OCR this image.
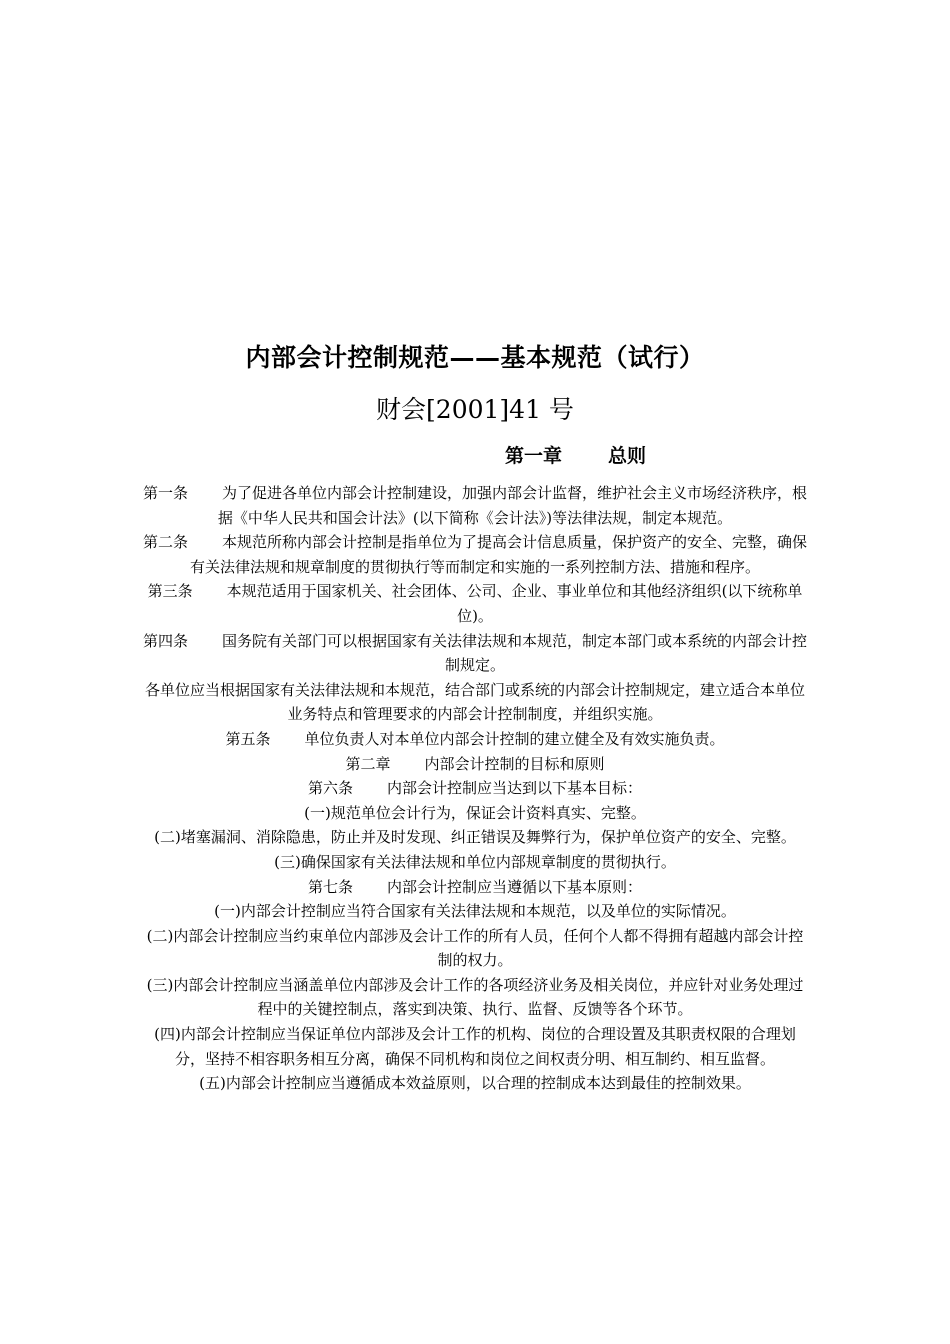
内部会计控制规范——基本规范（试行）
财会[2001]41 号
第一章 总则
第一条 为了促进各单位内部会计控制建设，加强内部会计监督，维护社会主义市场经济秩序，根据《中华人民共和国会计法》(以下简称《会计法》)等法律法规，制定本规范。
第二条 本规范所称内部会计控制是指单位为了提高会计信息质量，保护资产的安全、完整，确保有关法律法规和规章制度的贯彻执行等而制定和实施的一系列控制方法、措施和程序。
第三条 本规范适用于国家机关、社会团体、公司、企业、事业单位和其他经济组织(以下统称单位)。
第四条 国务院有关部门可以根据国家有关法律法规和本规范，制定本部门或本系统的内部会计控制规定。
各单位应当根据国家有关法律法规和本规范，结合部门或系统的内部会计控制规定，建立适合本单位业务特点和管理要求的内部会计控制制度，并组织实施。
第五条 单位负责人对本单位内部会计控制的建立健全及有效实施负责。
第二章 内部会计控制的目标和原则
第六条 内部会计控制应当达到以下基本目标：
(一)规范单位会计行为，保证会计资料真实、完整。
(二)堵塞漏洞、消除隐患，防止并及时发现、纠正错误及舞弊行为，保护单位资产的安全、完整。
(三)确保国家有关法律法规和单位内部规章制度的贯彻执行。
第七条 内部会计控制应当遵循以下基本原则：
(一)内部会计控制应当符合国家有关法律法规和本规范，以及单位的实际情况。
(二)内部会计控制应当约束单位内部涉及会计工作的所有人员，任何个人都不得拥有超越内部会计控制的权力。
(三)内部会计控制应当涵盖单位内部涉及会计工作的各项经济业务及相关岗位，并应针对业务处理过程中的关键控制点，落实到决策、执行、监督、反馈等各个环节。
(四)内部会计控制应当保证单位内部涉及会计工作的机构、岗位的合理设置及其职责权限的合理划分，坚持不相容职务相互分离，确保不同机构和岗位之间权责分明、相互制约、相互监督。
(五)内部会计控制应当遵循成本效益原则，以合理的控制成本达到最佳的控制效果。
